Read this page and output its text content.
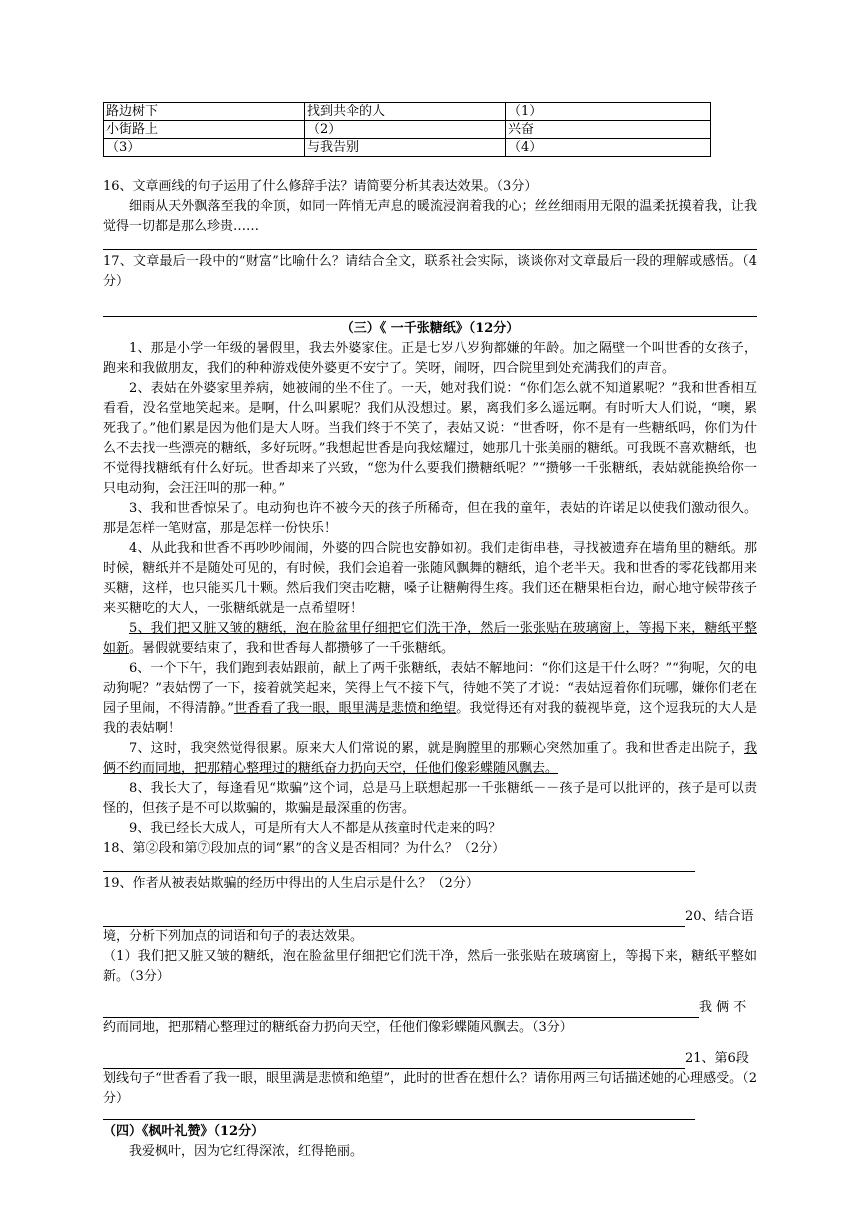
路边树下	找到共伞的人	（1）
小街路上	（2）	兴奋
（3）	与我告别	（4）

16、文章画线的句子运用了什么修辞手法？请简要分析其表达效果。（3分）

细雨从天外飘落至我的伞顶，如同一阵悄无声息的暖流浸润着我的心；丝丝细雨用无限的温柔抚摸着我，让我觉得一切都是那么珍贵……

17、文章最后一段中的“财富”比喻什么？请结合全文，联系社会实际，谈谈你对文章最后一段的理解或感悟。（4分）

（三）《 一千张糖纸》（12分）

1、那是小学一年级的暑假里，我去外婆家住。正是七岁八岁狗都嫌的年龄。加之隔壁一个叫世香的女孩子，跑来和我做朋友，我们的种种游戏使外婆更不安宁了。笑呀，闹呀，四合院里到处充满我们的声音。

2、表姑在外婆家里养病，她被闹的坐不住了。一天，她对我们说：“你们怎么就不知道累呢？”我和世香相互看看，没名堂地笑起来。是啊，什么叫累呢？我们从没想过。累，离我们多么遥远啊。有时听大人们说，“噢，累死我了。”他们累是因为他们是大人呀。当我们终于不笑了，表姑又说：“世香呀，你不是有一些糖纸吗，你们为什么不去找一些漂亮的糖纸，多好玩呀。”我想起世香是向我炫耀过，她那几十张美丽的糖纸。可我既不喜欢糖纸，也不觉得找糖纸有什么好玩。世香却来了兴致，“您为什么要我们攒糖纸呢？”“攒够一千张糖纸，表姑就能换给你一只电动狗，会汪汪叫的那一种。”

3、我和世香惊呆了。电动狗也许不被今天的孩子所稀奇，但在我的童年，表姑的许诺足以使我们激动很久。那是怎样一笔财富，那是怎样一份快乐！

4、从此我和世香不再吵吵闹闹，外婆的四合院也安静如初。我们走街串巷，寻找被遗弃在墙角里的糖纸。那时候，糖纸并不是随处可见的，有时候，我们会追着一张随风飘舞的糖纸，追个老半天。我和世香的零花钱都用来买糖，这样，也只能买几十颗。然后我们突击吃糖，嗓子让糖齁得生疼。我们还在糖果柜台边，耐心地守候带孩子来买糖吃的大人，一张糖纸就是一点希望呀！

5、我们把又脏又皱的糖纸，泡在脸盆里仔细把它们洗干净，然后一张张贴在玻璃窗上，等揭下来，糖纸平整如新。暑假就要结束了，我和世香每人都攒够了一千张糖纸。

6、一个下午，我们跑到表姑跟前，献上了两千张糖纸，表姑不解地问：“你们这是干什么呀？”“狗呢，欠的电动狗呢？”表姑愣了一下，接着就笑起来，笑得上气不接下气，待她不笑了才说：“表姑逗着你们玩哪，嫌你们老在园子里闹，不得清静。”世香看了我一眼，眼里满是悲愤和绝望。我觉得还有对我的藐视毕竟，这个逗我玩的大人是我的表姑啊！

7、这时，我突然觉得很累。原来大人们常说的累，就是胸膛里的那颗心突然加重了。我和世香走出院子，我俩不约而同地，把那精心整理过的糖纸奋力扔向天空，任他们像彩蝶随风飘去。

8、我长大了，每逢看见“欺骗”这个词，总是马上联想起那一千张糖纸－－孩子是可以批评的，孩子是可以责怪的，但孩子是不可以欺骗的，欺骗是最深重的伤害。

9、我已经长大成人，可是所有大人不都是从孩童时代走来的吗？

18、第②段和第⑦段加点的词“累”的含义是否相同？为什么？（2分）

19、作者从被表姑欺骗的经历中得出的人生启示是什么？（2分）

20、结合语

境，分析下列加点的词语和句子的表达效果。

（1）我们把又脏又皱的糖纸，泡在脸盆里仔细把它们洗干净，然后一张张贴在玻璃窗上，等揭下来，糖纸平整如新。（3分）

我 俩 不

约而同地，把那精心整理过的糖纸奋力扔向天空，任他们像彩蝶随风飘去。（3分）

21、第6段

划线句子“世香看了我一眼，眼里满是悲愤和绝望”，此时的世香在想什么？请你用两三句话描述她的心理感受。（2分）

（四）《枫叶礼赞》（12分）

我爱枫叶，因为它红得深浓，红得艳丽。
